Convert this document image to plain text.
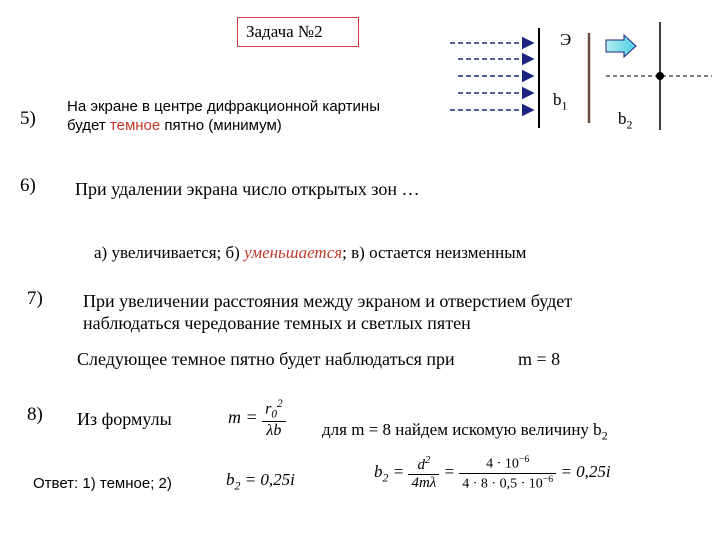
Задача №2	Э
$b_1$
$b_2$
5)
На экране в центре дифракционной картины
будет темное пятно (минимум)
6) При удалении экрана число открытых зон …
а) увеличивается; б) уменьшается; в) остается неизменным
7) При увеличении расстояния между экраном и отверстием будет
наблюдаться чередование темных и светлых пятен
Следующее темное пятно будет наблюдаться при	m = 8
8) Из формулы	$m = \frac{r_0^2}{\lambda b}$ для m = 8 найдем искомую величину $b_2$
Ответ: 1) темное; 2)	$b_2 = 0,25i$	$b_2 = \frac{d^2}{4m\lambda} = \frac{4 \cdot 10^{-6}}{4 \cdot 8 \cdot 0,5 \cdot 10^{-6}} = 0,25i$
